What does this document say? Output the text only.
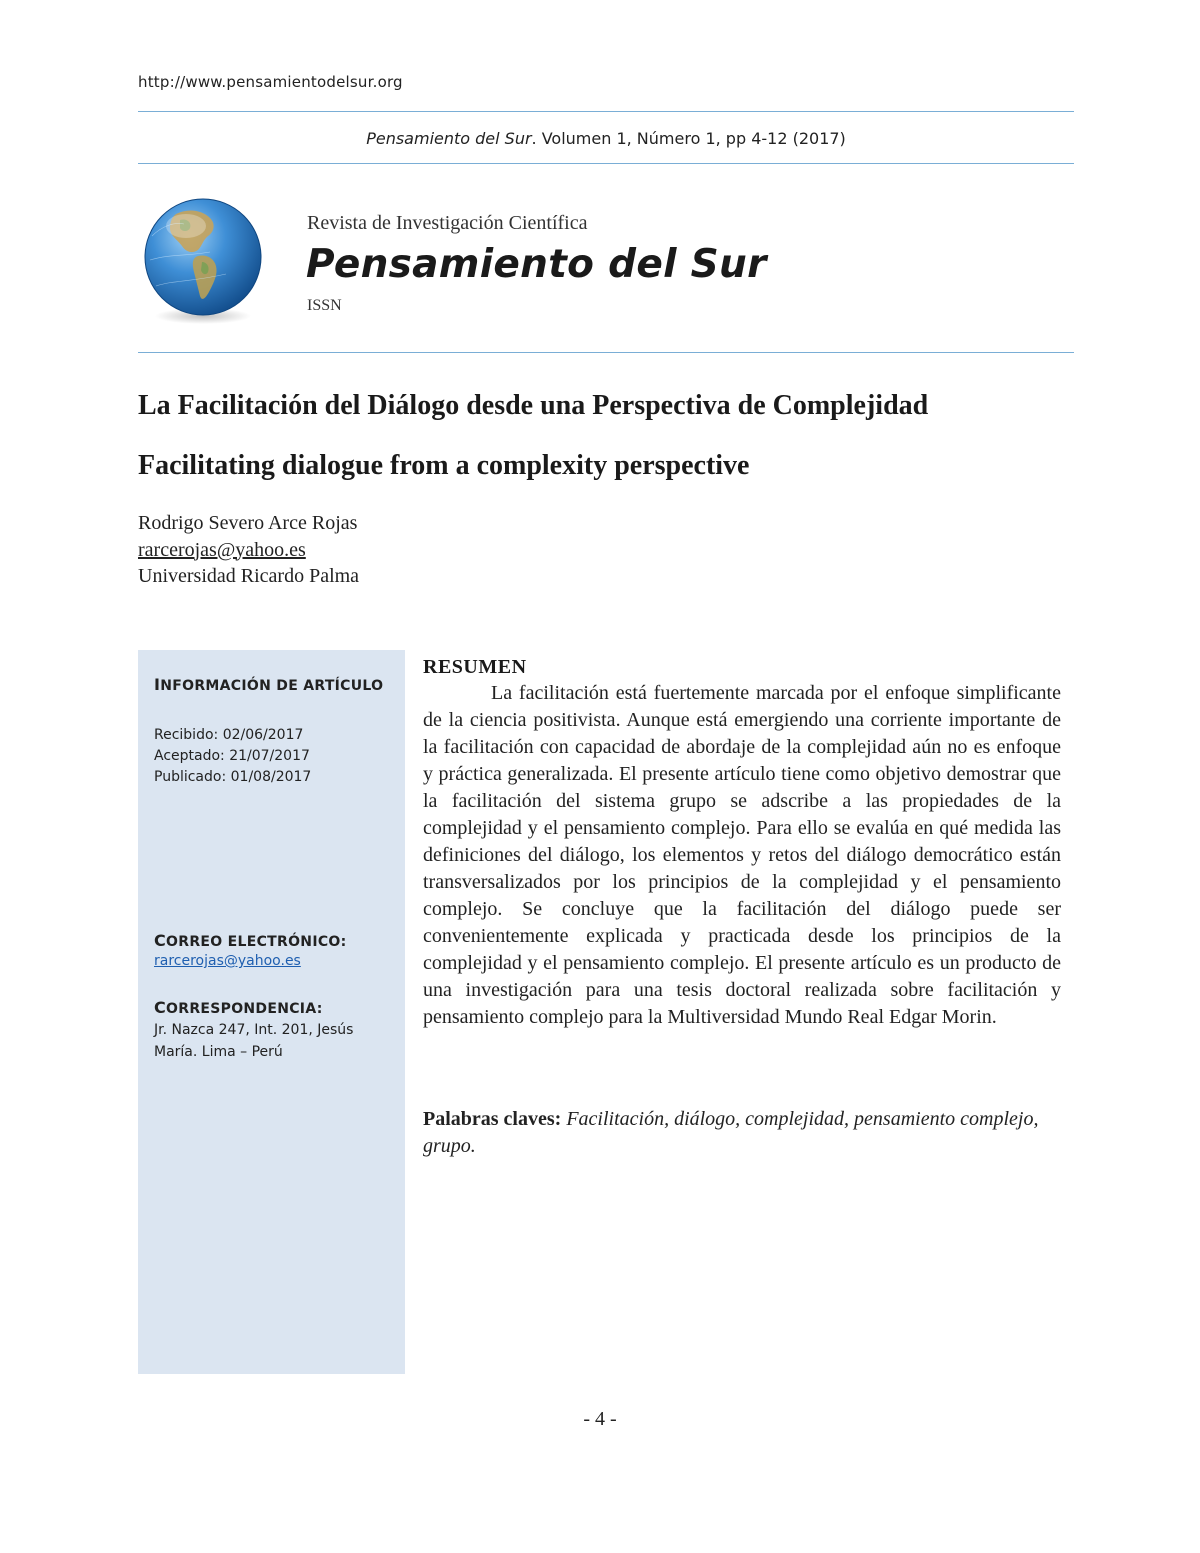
http://www.pensamientodelsur.org
Pensamiento del Sur. Volumen 1, Número 1, pp 4-12 (2017)
Revista de Investigación Científica
Pensamiento del Sur
ISSN
La Facilitación del Diálogo desde una Perspectiva de Complejidad
Facilitating dialogue from a complexity perspective
Rodrigo Severo Arce Rojas
rarcerojas@yahoo.es
Universidad Ricardo Palma
INFORMACIÓN DE ARTÍCULO
Recibido: 02/06/2017
Aceptado: 21/07/2017
Publicado: 01/08/2017
CORREO ELECTRÓNICO:
rarcerojas@yahoo.es
CORRESPONDENCIA:
Jr. Nazca 247, Int. 201, Jesús
María. Lima – Perú
RESUMEN

La facilitación está fuertemente marcada por el enfoque simplificante de la ciencia positivista. Aunque está emergiendo una corriente importante de la facilitación con capacidad de abordaje de la complejidad aún no es enfoque y práctica generalizada. El presente artículo tiene como objetivo demostrar que la facilitación del sistema grupo se adscribe a las propiedades de la complejidad y el pensamiento complejo. Para ello se evalúa en qué medida las definiciones del diálogo, los elementos y retos del diálogo democrático están transversalizados por los principios de la complejidad y el pensamiento complejo. Se concluye que la facilitación del diálogo puede ser convenientemente explicada y practicada desde los principios de la complejidad y el pensamiento complejo. El presente artículo es un producto de una investigación para una tesis doctoral realizada sobre facilitación y pensamiento complejo para la Multiversidad Mundo Real Edgar Morin.

Palabras claves: Facilitación, diálogo, complejidad, pensamiento complejo, grupo.

- 4 -
